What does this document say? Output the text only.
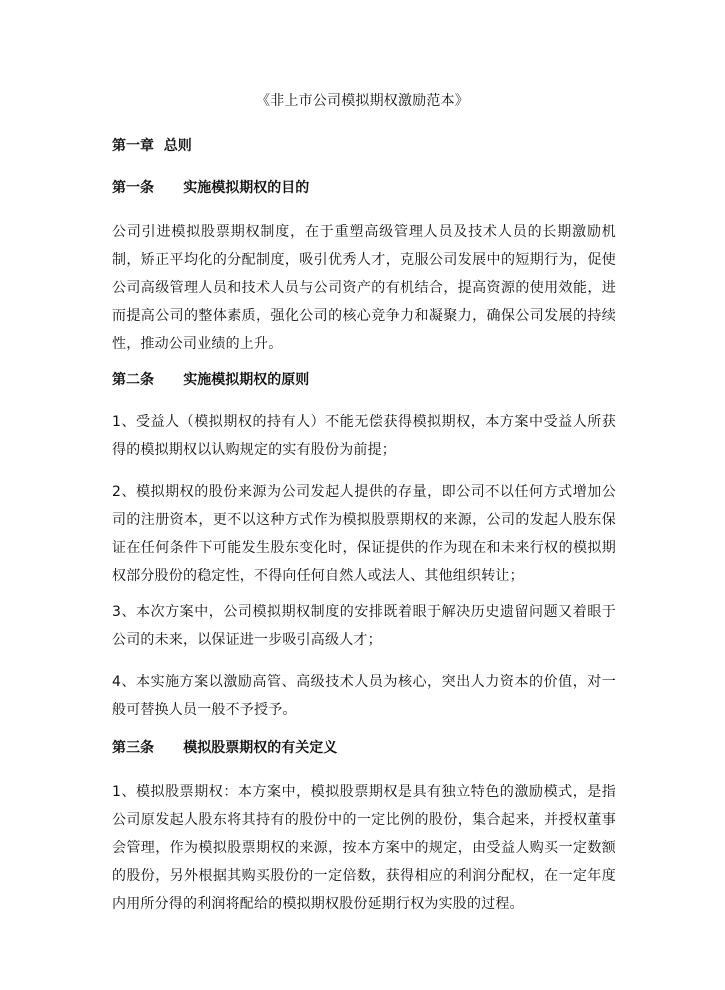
《非上市公司模拟期权激励范本》
第一章  总则
第一条      实施模拟期权的目的
公司引进模拟股票期权制度，在于重塑高级管理人员及技术人员的长期激励机制，矫正平均化的分配制度，吸引优秀人才，克服公司发展中的短期行为，促使公司高级管理人员和技术人员与公司资产的有机结合，提高资源的使用效能，进而提高公司的整体素质，强化公司的核心竞争力和凝聚力，确保公司发展的持续性，推动公司业绩的上升。
第二条      实施模拟期权的原则
1、受益人（模拟期权的持有人）不能无偿获得模拟期权，本方案中受益人所获得的模拟期权以认购规定的实有股份为前提；
2、模拟期权的股份来源为公司发起人提供的存量，即公司不以任何方式增加公司的注册资本，更不以这种方式作为模拟股票期权的来源，公司的发起人股东保证在任何条件下可能发生股东变化时，保证提供的作为现在和未来行权的模拟期权部分股份的稳定性，不得向任何自然人或法人、其他组织转让；
3、本次方案中，公司模拟期权制度的安排既着眼于解决历史遗留问题又着眼于公司的未来，以保证进一步吸引高级人才；
4、本实施方案以激励高管、高级技术人员为核心，突出人力资本的价值，对一般可替换人员一般不予授予。
第三条      模拟股票期权的有关定义
1、模拟股票期权：本方案中，模拟股票期权是具有独立特色的激励模式，是指公司原发起人股东将其持有的股份中的一定比例的股份，集合起来，并授权董事会管理，作为模拟股票期权的来源，按本方案中的规定，由受益人购买一定数额的股份，另外根据其购买股份的一定倍数，获得相应的利润分配权，在一定年度内用所分得的利润将配给的模拟期权股份延期行权为实股的过程。
